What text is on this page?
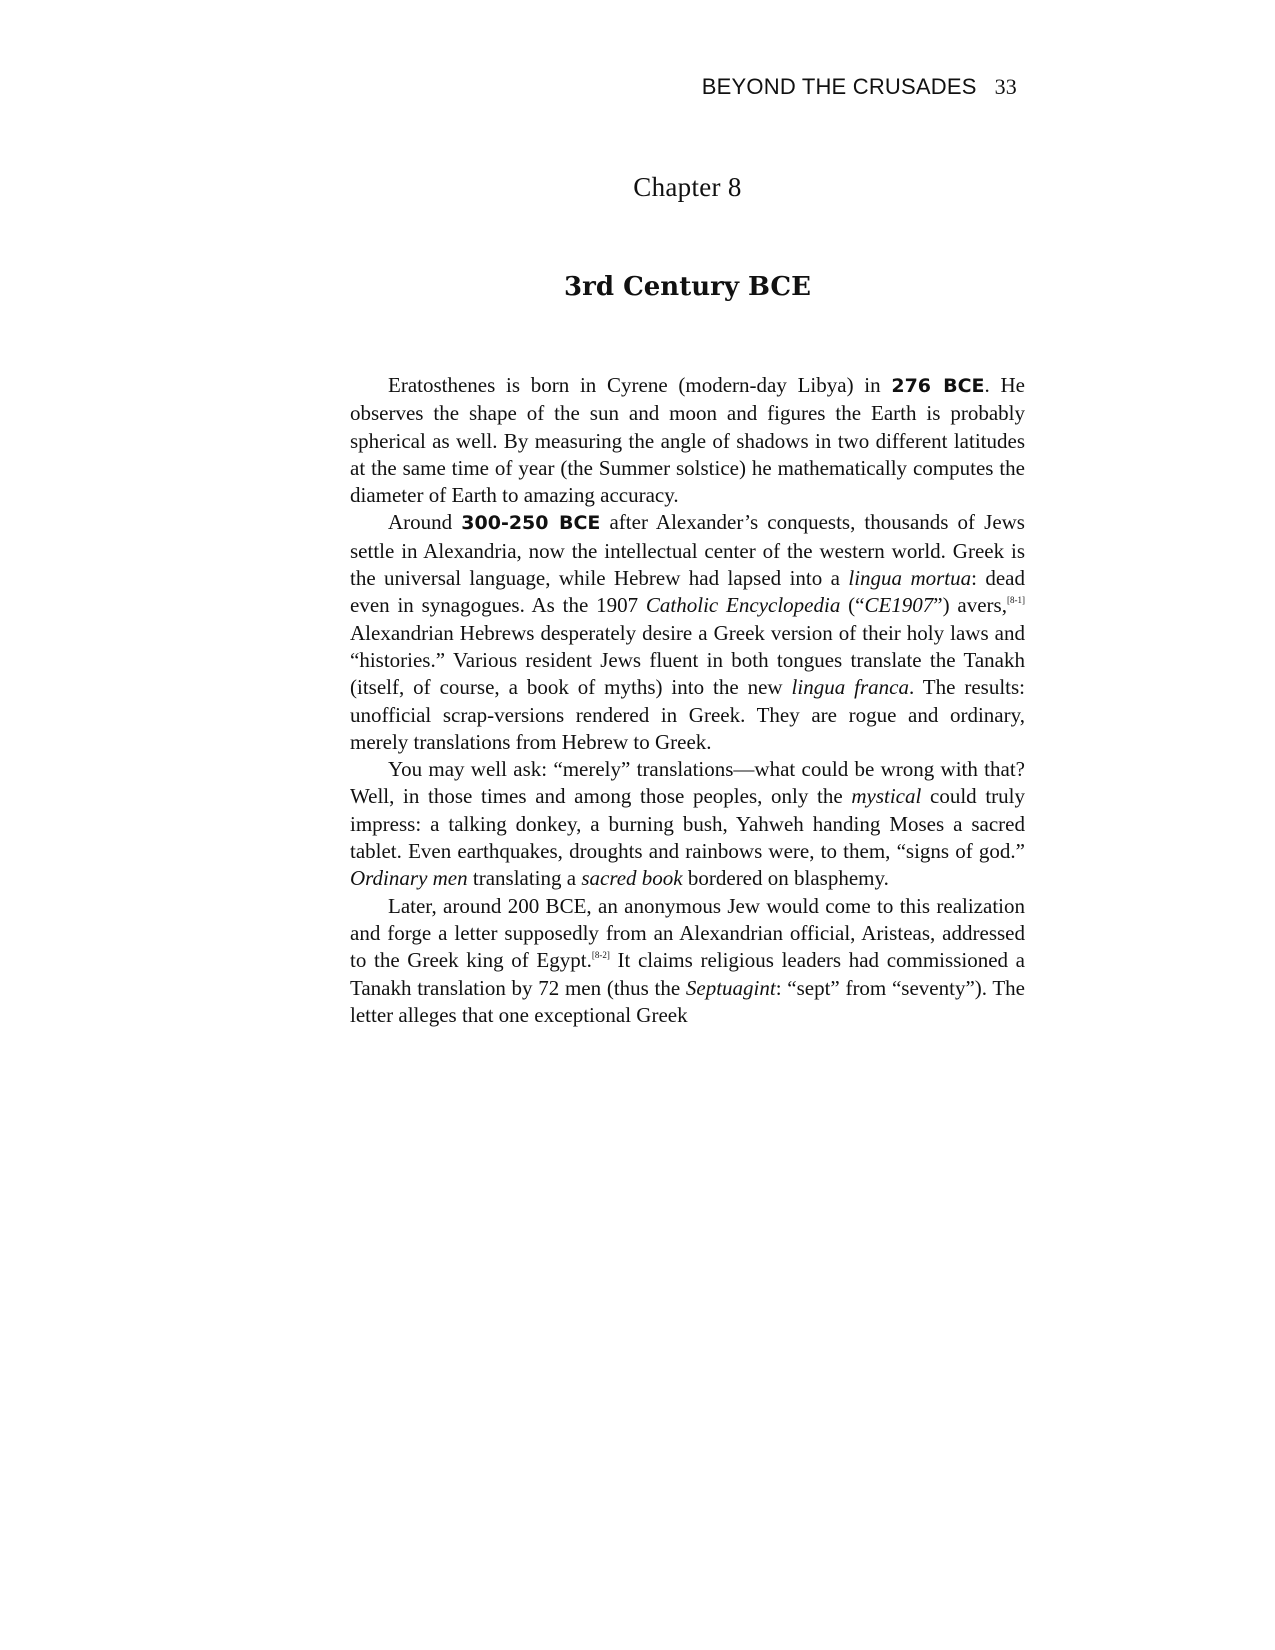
BEYOND THE CRUSADES 33
Chapter 8
3rd Century BCE

Eratosthenes is born in Cyrene (modern-day Libya) in 276 BCE. He observes the shape of the sun and moon and figures the Earth is probably spherical as well. By measuring the angle of shadows in two different latitudes at the same time of year (the Summer solstice) he mathematically computes the diameter of Earth to amazing accuracy.

Around 300-250 BCE after Alexander’s conquests, thousands of Jews settle in Alexandria, now the intellectual center of the western world. Greek is the universal language, while Hebrew had lapsed into a lingua mortua: dead even in synagogues. As the 1907 Catholic Encyclopedia (“CE1907”) avers,[8-1] Alexandrian Hebrews desperately desire a Greek version of their holy laws and “histories.” Various resident Jews fluent in both tongues translate the Tanakh (itself, of course, a book of myths) into the new lingua franca. The results: unofficial scrap-versions rendered in Greek. They are rogue and ordinary, merely translations from Hebrew to Greek.

You may well ask: “merely” translations—what could be wrong with that? Well, in those times and among those peoples, only the mystical could truly impress: a talking donkey, a burning bush, Yahweh handing Moses a sacred tablet. Even earthquakes, droughts and rainbows were, to them, “signs of god.” Ordinary men translating a sacred book bordered on blasphemy.

Later, around 200 BCE, an anonymous Jew would come to this realization and forge a letter supposedly from an Alexandrian official, Aristeas, addressed to the Greek king of Egypt.[8-2] It claims religious leaders had commissioned a Tanakh translation by 72 men (thus the Septuagint: “sept” from “seventy”). The letter alleges that one exceptional Greek
